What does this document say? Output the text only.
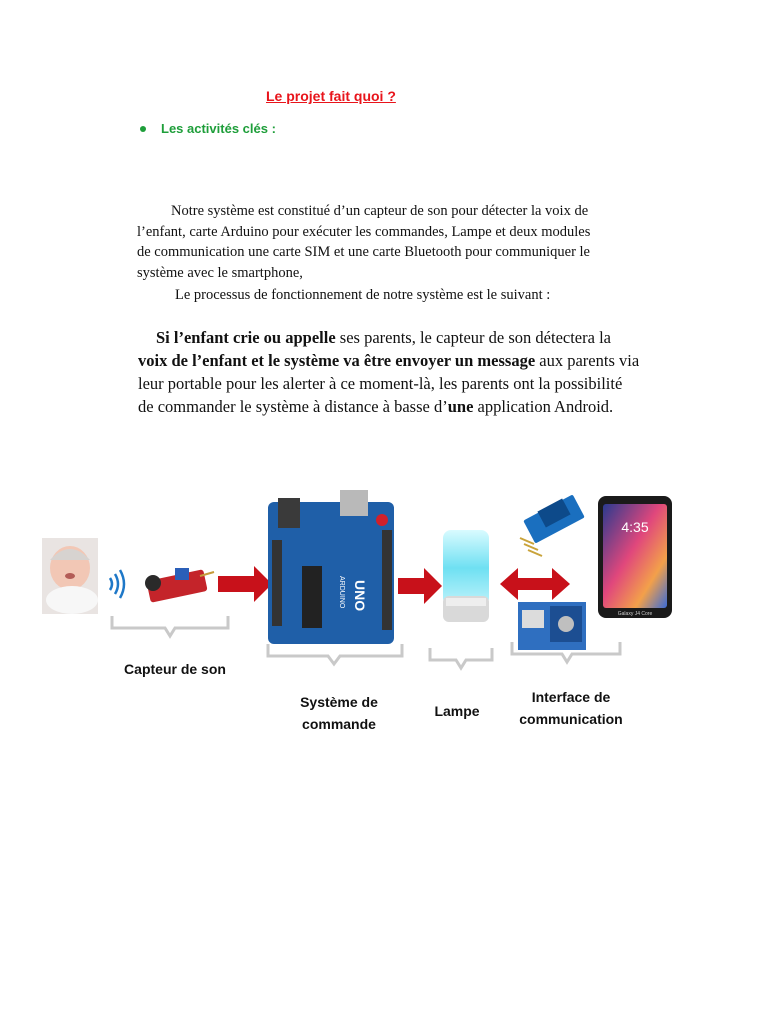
Le projet fait quoi ?
Les activités clés :
Notre système est constitué d’un capteur de son pour détecter la voix de
l’enfant, carte Arduino pour exécuter les commandes, Lampe et deux modules
de communication une carte SIM et une carte Bluetooth pour communiquer le
système avec le smartphone,
Le processus de fonctionnement de notre système est le suivant :
Si l’enfant crie ou appelle ses parents, le capteur de son détectera la
voix de l’enfant et le système va être envoyer un message aux parents via
leur portable pour les alerter à ce moment-là, les parents ont la possibilité
de commander le système à distance à basse d’une application Android.
UNO
ARDUINO
4:35
Galaxy J4 Core
Capteur de son
Système de
commande
Lampe
Interface de
communication
